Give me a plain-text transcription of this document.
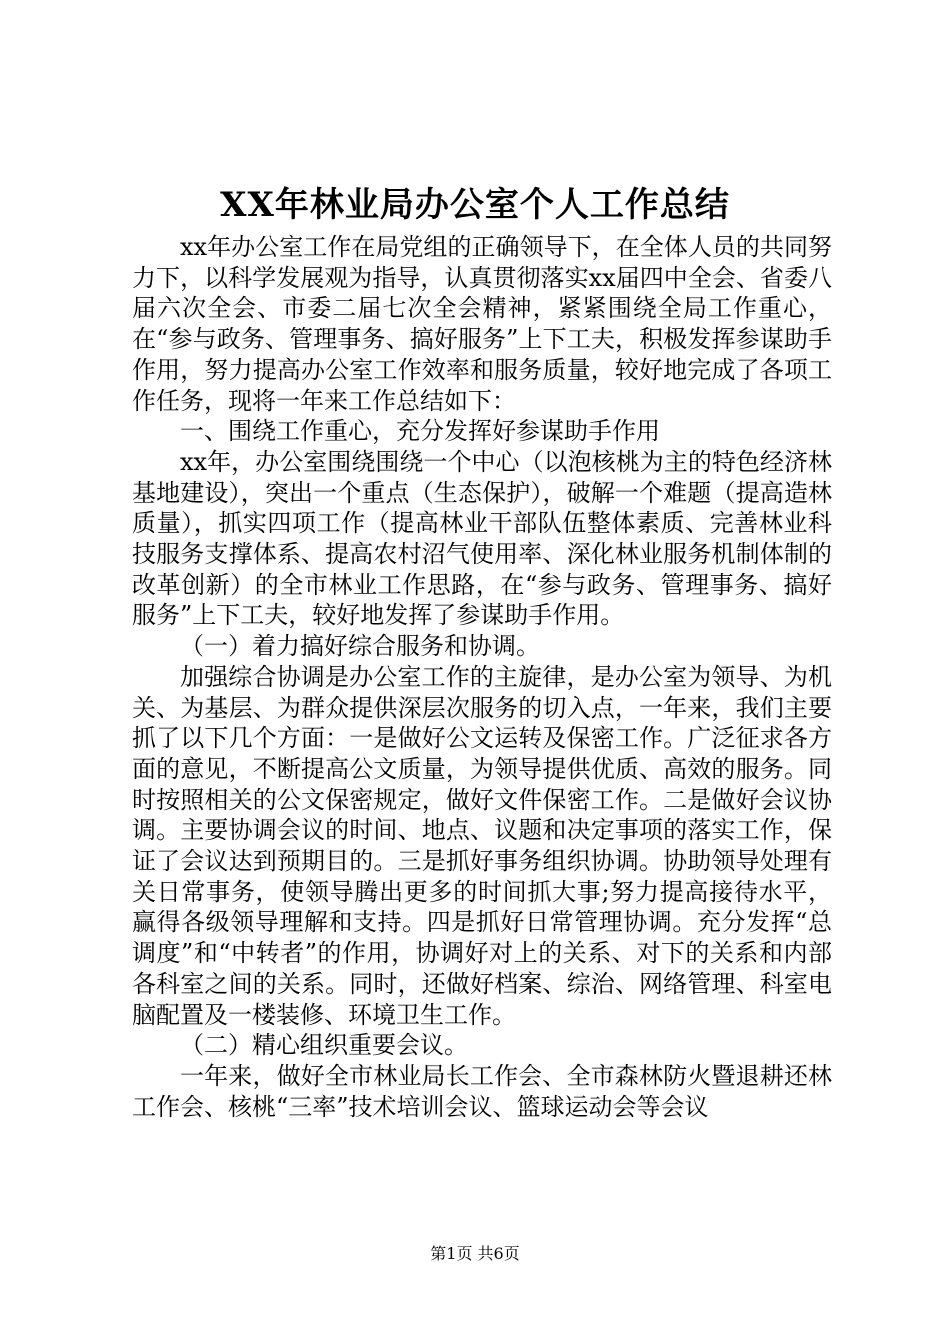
XX年林业局办公室个人工作总结

xx年办公室工作在局党组的正确领导下，在全体人员的共同努力下，以科学发展观为指导，认真贯彻落实xx届四中全会、省委八届六次全会、市委二届七次全会精神，紧紧围绕全局工作重心，在“参与政务、管理事务、搞好服务”上下工夫，积极发挥参谋助手作用，努力提高办公室工作效率和服务质量，较好地完成了各项工作任务，现将一年来工作总结如下：

一、围绕工作重心，充分发挥好参谋助手作用

xx年，办公室围绕围绕一个中心（以泡核桃为主的特色经济林基地建设），突出一个重点（生态保护），破解一个难题（提高造林质量），抓实四项工作（提高林业干部队伍整体素质、完善林业科技服务支撑体系、提高农村沼气使用率、深化林业服务机制体制的改革创新）的全市林业工作思路，在“参与政务、管理事务、搞好服务”上下工夫，较好地发挥了参谋助手作用。

（一）着力搞好综合服务和协调。

加强综合协调是办公室工作的主旋律，是办公室为领导、为机关、为基层、为群众提供深层次服务的切入点，一年来，我们主要抓了以下几个方面：一是做好公文运转及保密工作。广泛征求各方面的意见，不断提高公文质量，为领导提供优质、高效的服务。同时按照相关的公文保密规定，做好文件保密工作。二是做好会议协调。主要协调会议的时间、地点、议题和决定事项的落实工作，保证了会议达到预期目的。三是抓好事务组织协调。协助领导处理有关日常事务，使领导腾出更多的时间抓大事;努力提高接待水平，赢得各级领导理解和支持。四是抓好日常管理协调。充分发挥“总调度”和“中转者”的作用，协调好对上的关系、对下的关系和内部各科室之间的关系。同时，还做好档案、综治、网络管理、科室电脑配置及一楼装修、环境卫生工作。

（二）精心组织重要会议。

一年来，做好全市林业局长工作会、全市森林防火暨退耕还林工作会、核桃“三率”技术培训会议、篮球运动会等会议

第1页 共6页
